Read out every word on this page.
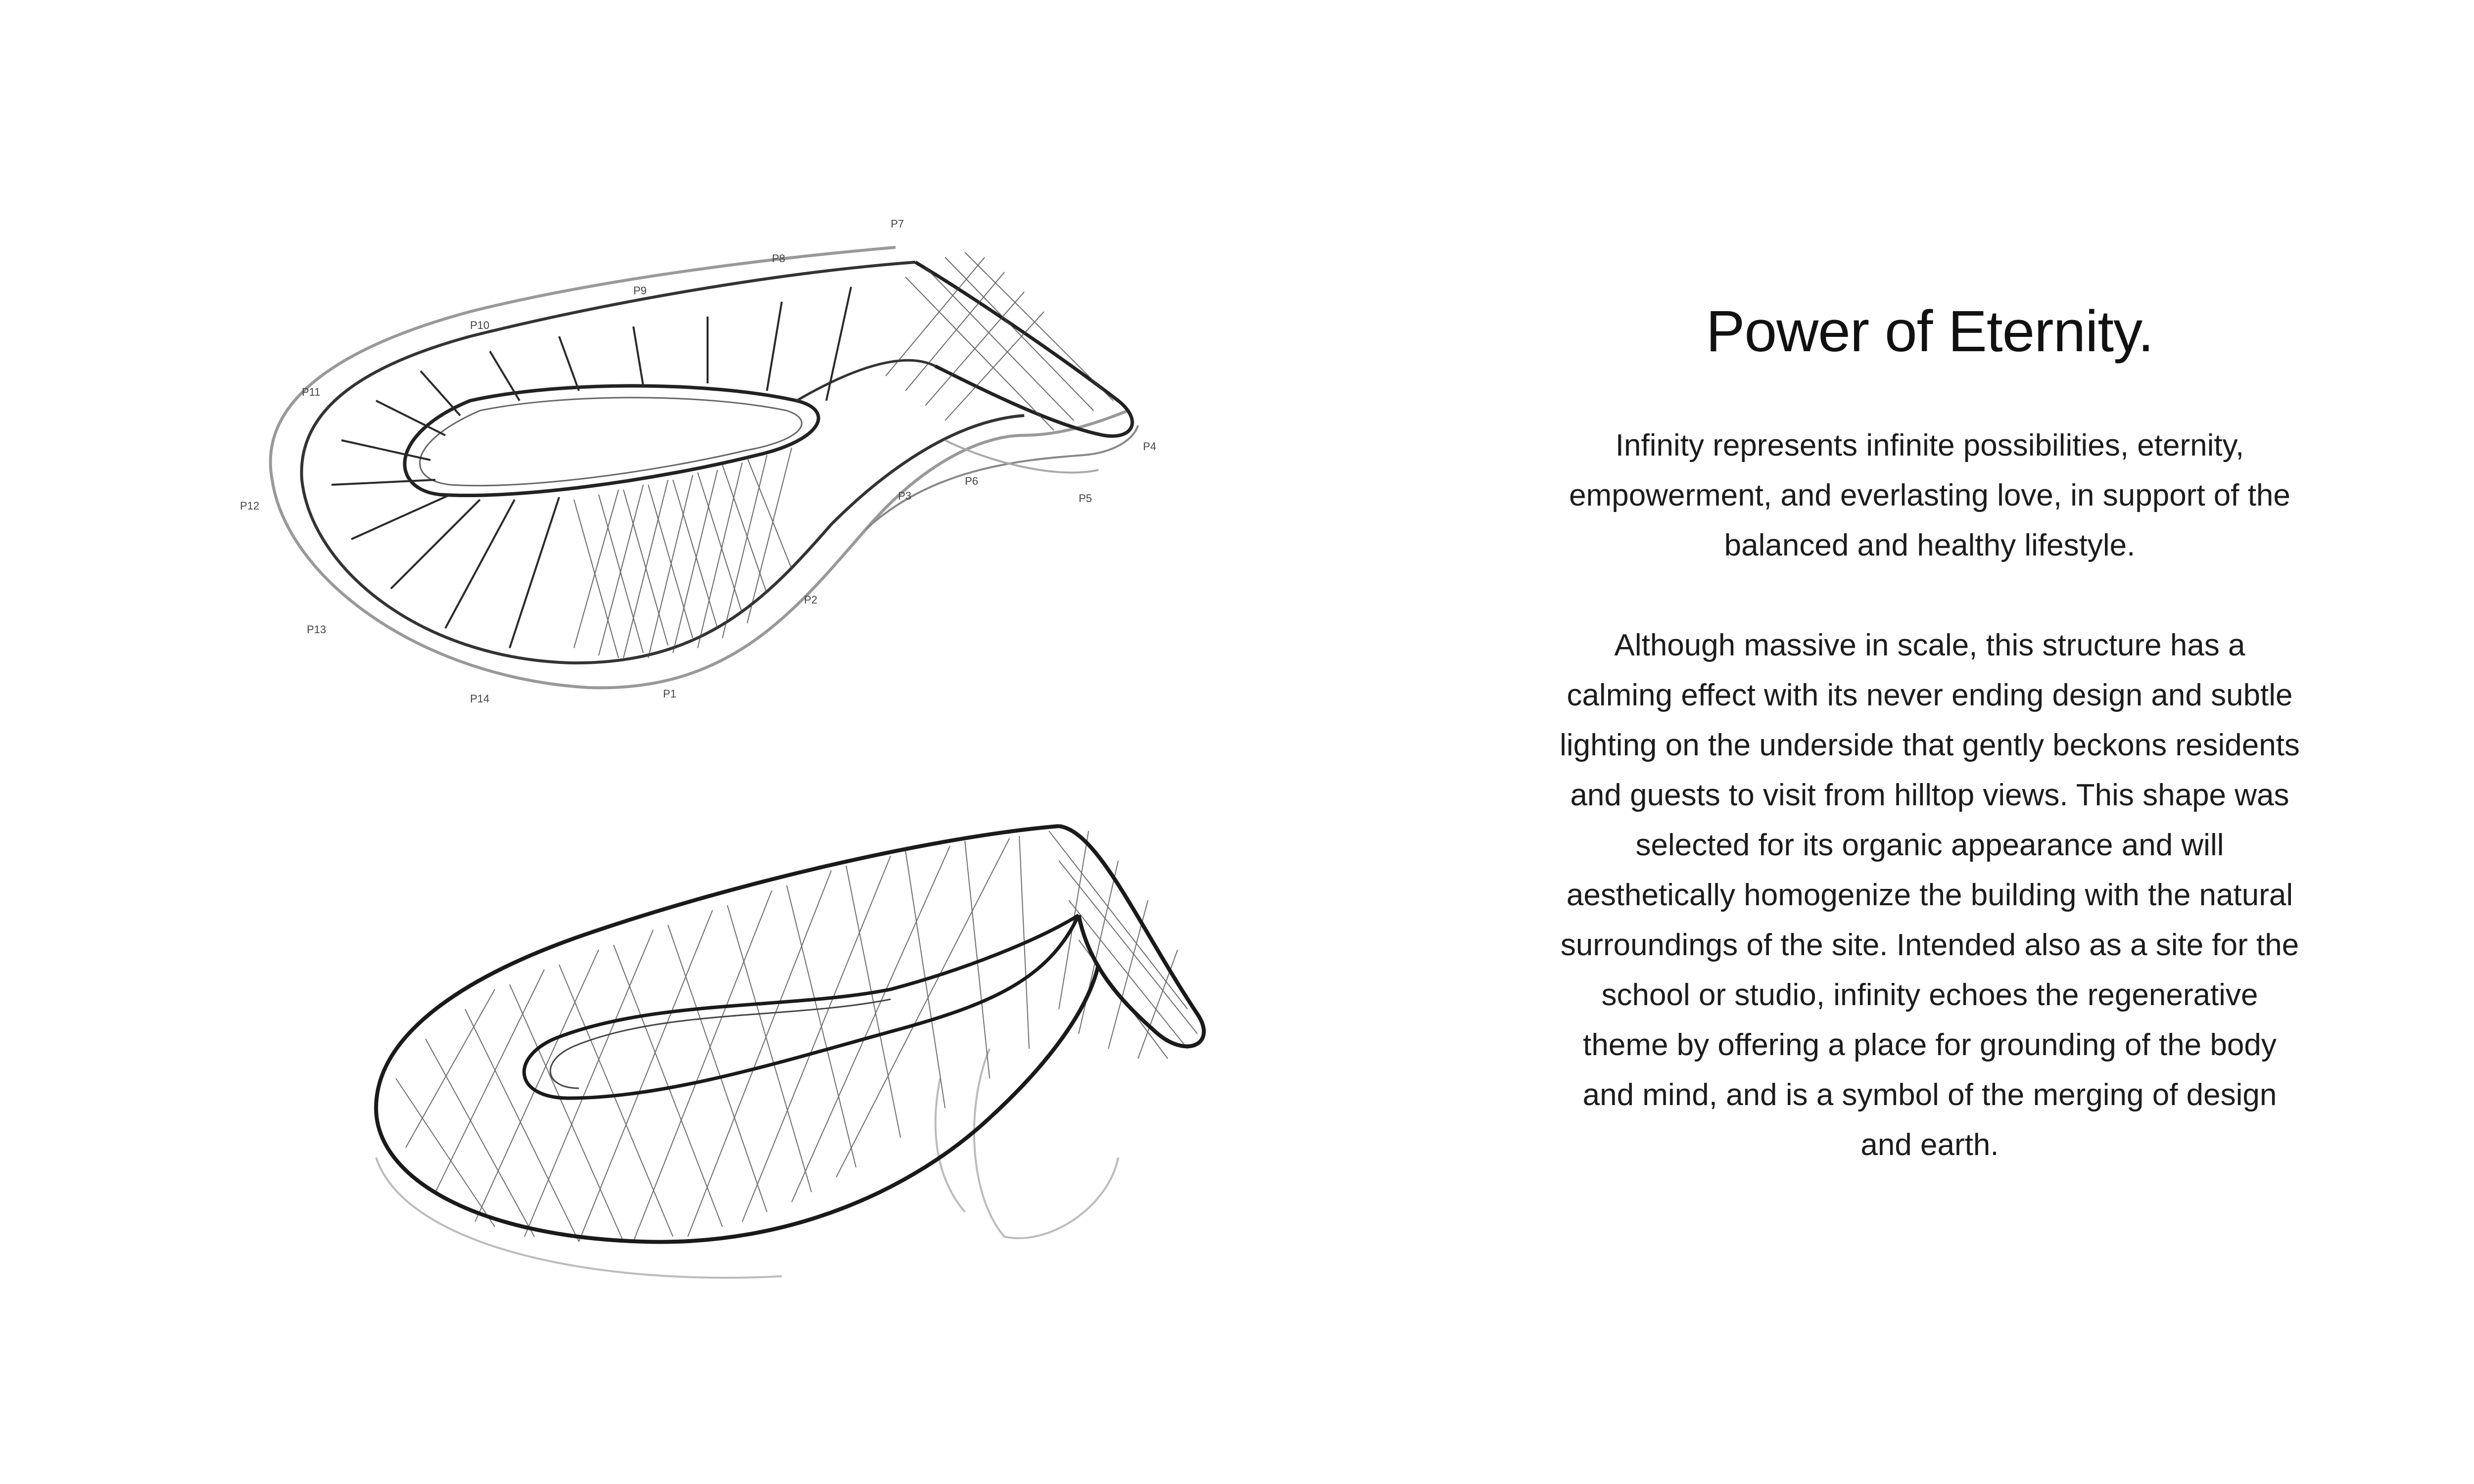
P1
P2
P3
P4
P5
P6
P7
P8
P9
P10
P11
P12
P13
P14
Power of Eternity.

Infinity represents infinite possibilities, eternity, empowerment, and everlasting love, in support of the balanced and healthy lifestyle.

Although massive in scale, this structure has a calming effect with its never ending design and subtle lighting on the underside that gently beckons residents and guests to visit from hilltop views. This shape was selected for its organic appearance and will aesthetically homogenize the building with the natural surroundings of the site. Intended also as a site for the school or studio, infinity echoes the regenerative theme by offering a place for grounding of the body and mind, and is a symbol of the merging of design and earth.
